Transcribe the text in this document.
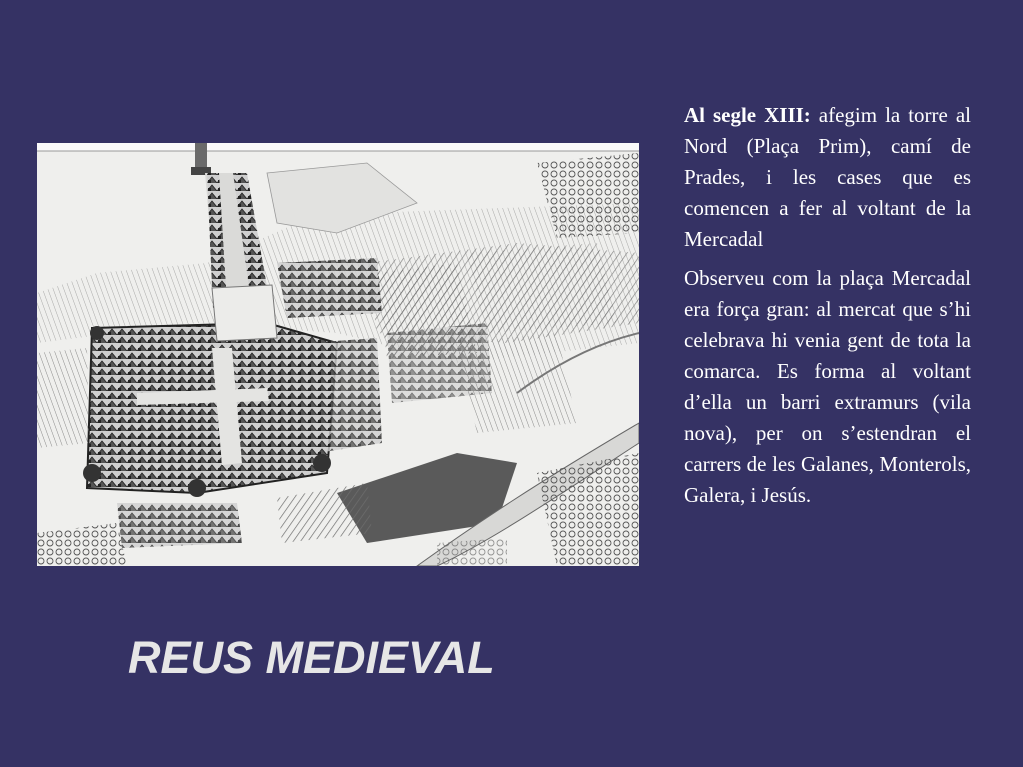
Al segle XIII: afegim la torre al Nord (Plaça Prim), camí de Prades, i les cases que es comencen a fer al voltant de la Mercadal

Observeu com la plaça Mercadal era força gran: al mercat que s’hi celebrava hi venia gent de tota la comarca. Es forma al voltant d’ella un barri extramurs (vila nova), per on s’estendran el carrers de les Galanes, Monterols, Galera, i Jesús.

REUS MEDIEVAL
